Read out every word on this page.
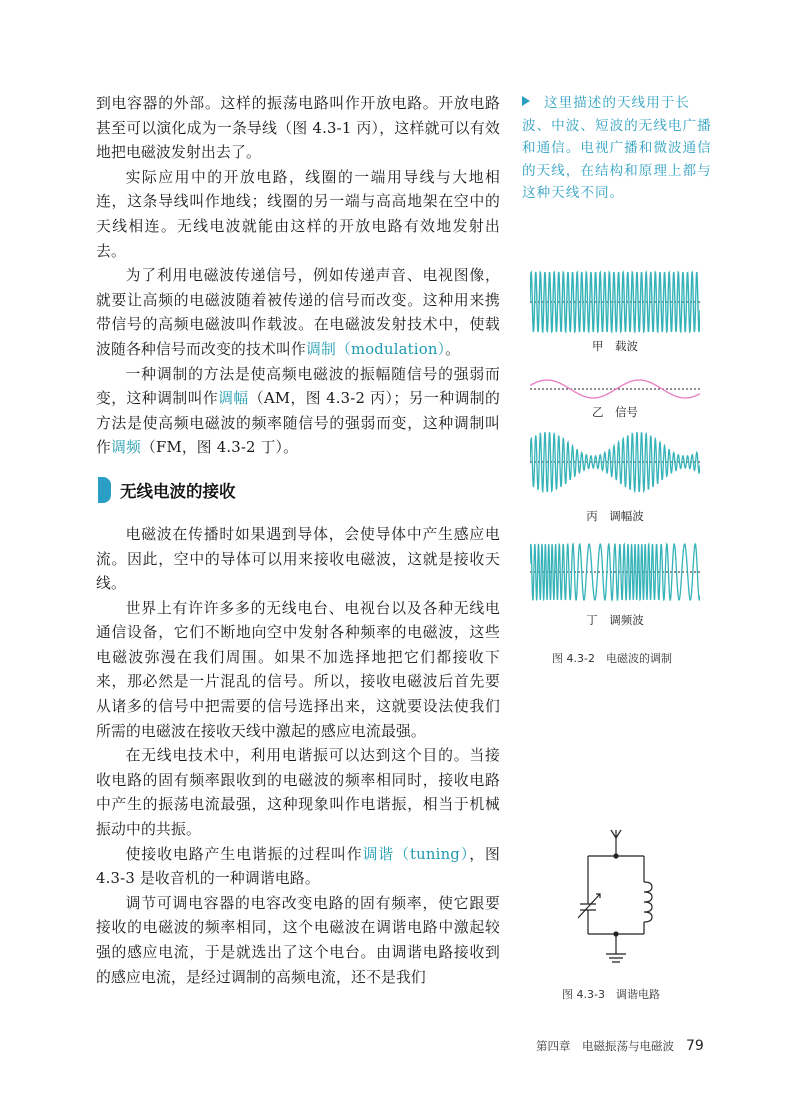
到电容器的外部。这样的振荡电路叫作开放电路。开放电路甚至可以演化成为一条导线（图 4.3-1 丙），这样就可以有效地把电磁波发射出去了。

实际应用中的开放电路，线圈的一端用导线与大地相连，这条导线叫作地线；线圈的另一端与高高地架在空中的天线相连。无线电波就能由这样的开放电路有效地发射出去。

为了利用电磁波传递信号，例如传递声音、电视图像，就要让高频的电磁波随着被传递的信号而改变。这种用来携带信号的高频电磁波叫作载波。在电磁波发射技术中，使载波随各种信号而改变的技术叫作调制（modulation）。

一种调制的方法是使高频电磁波的振幅随信号的强弱而变，这种调制叫作调幅（AM，图 4.3-2 丙）；另一种调制的方法是使高频电磁波的频率随信号的强弱而变，这种调制叫作调频（FM，图 4.3-2 丁）。

无线电波的接收

电磁波在传播时如果遇到导体，会使导体中产生感应电流。因此，空中的导体可以用来接收电磁波，这就是接收天线。

世界上有许许多多的无线电台、电视台以及各种无线电通信设备，它们不断地向空中发射各种频率的电磁波，这些电磁波弥漫在我们周围。如果不加选择地把它们都接收下来，那必然是一片混乱的信号。所以，接收电磁波后首先要从诸多的信号中把需要的信号选择出来，这就要设法使我们所需的电磁波在接收天线中激起的感应电流最强。

在无线电技术中，利用电谐振可以达到这个目的。当接收电路的固有频率跟收到的电磁波的频率相同时，接收电路中产生的振荡电流最强，这种现象叫作电谐振，相当于机械振动中的共振。

使接收电路产生电谐振的过程叫作调谐（tuning），图 4.3-3 是收音机的一种调谐电路。

调节可调电容器的电容改变电路的固有频率，使它跟要接收的电磁波的频率相同，这个电磁波在调谐电路中激起较强的感应电流，于是就选出了这个电台。由调谐电路接收到的感应电流，是经过调制的高频电流，还不是我们

这里描述的天线用于长波、中波、短波的无线电广播和通信。电视广播和微波通信的天线，在结构和原理上都与这种天线不同。
甲　载波
乙　信号
丙　调幅波
丁　调频波
图 4.3-2　电磁波的调制
图 4.3-3　调谐电路
第四章　电磁振荡与电磁波 79
